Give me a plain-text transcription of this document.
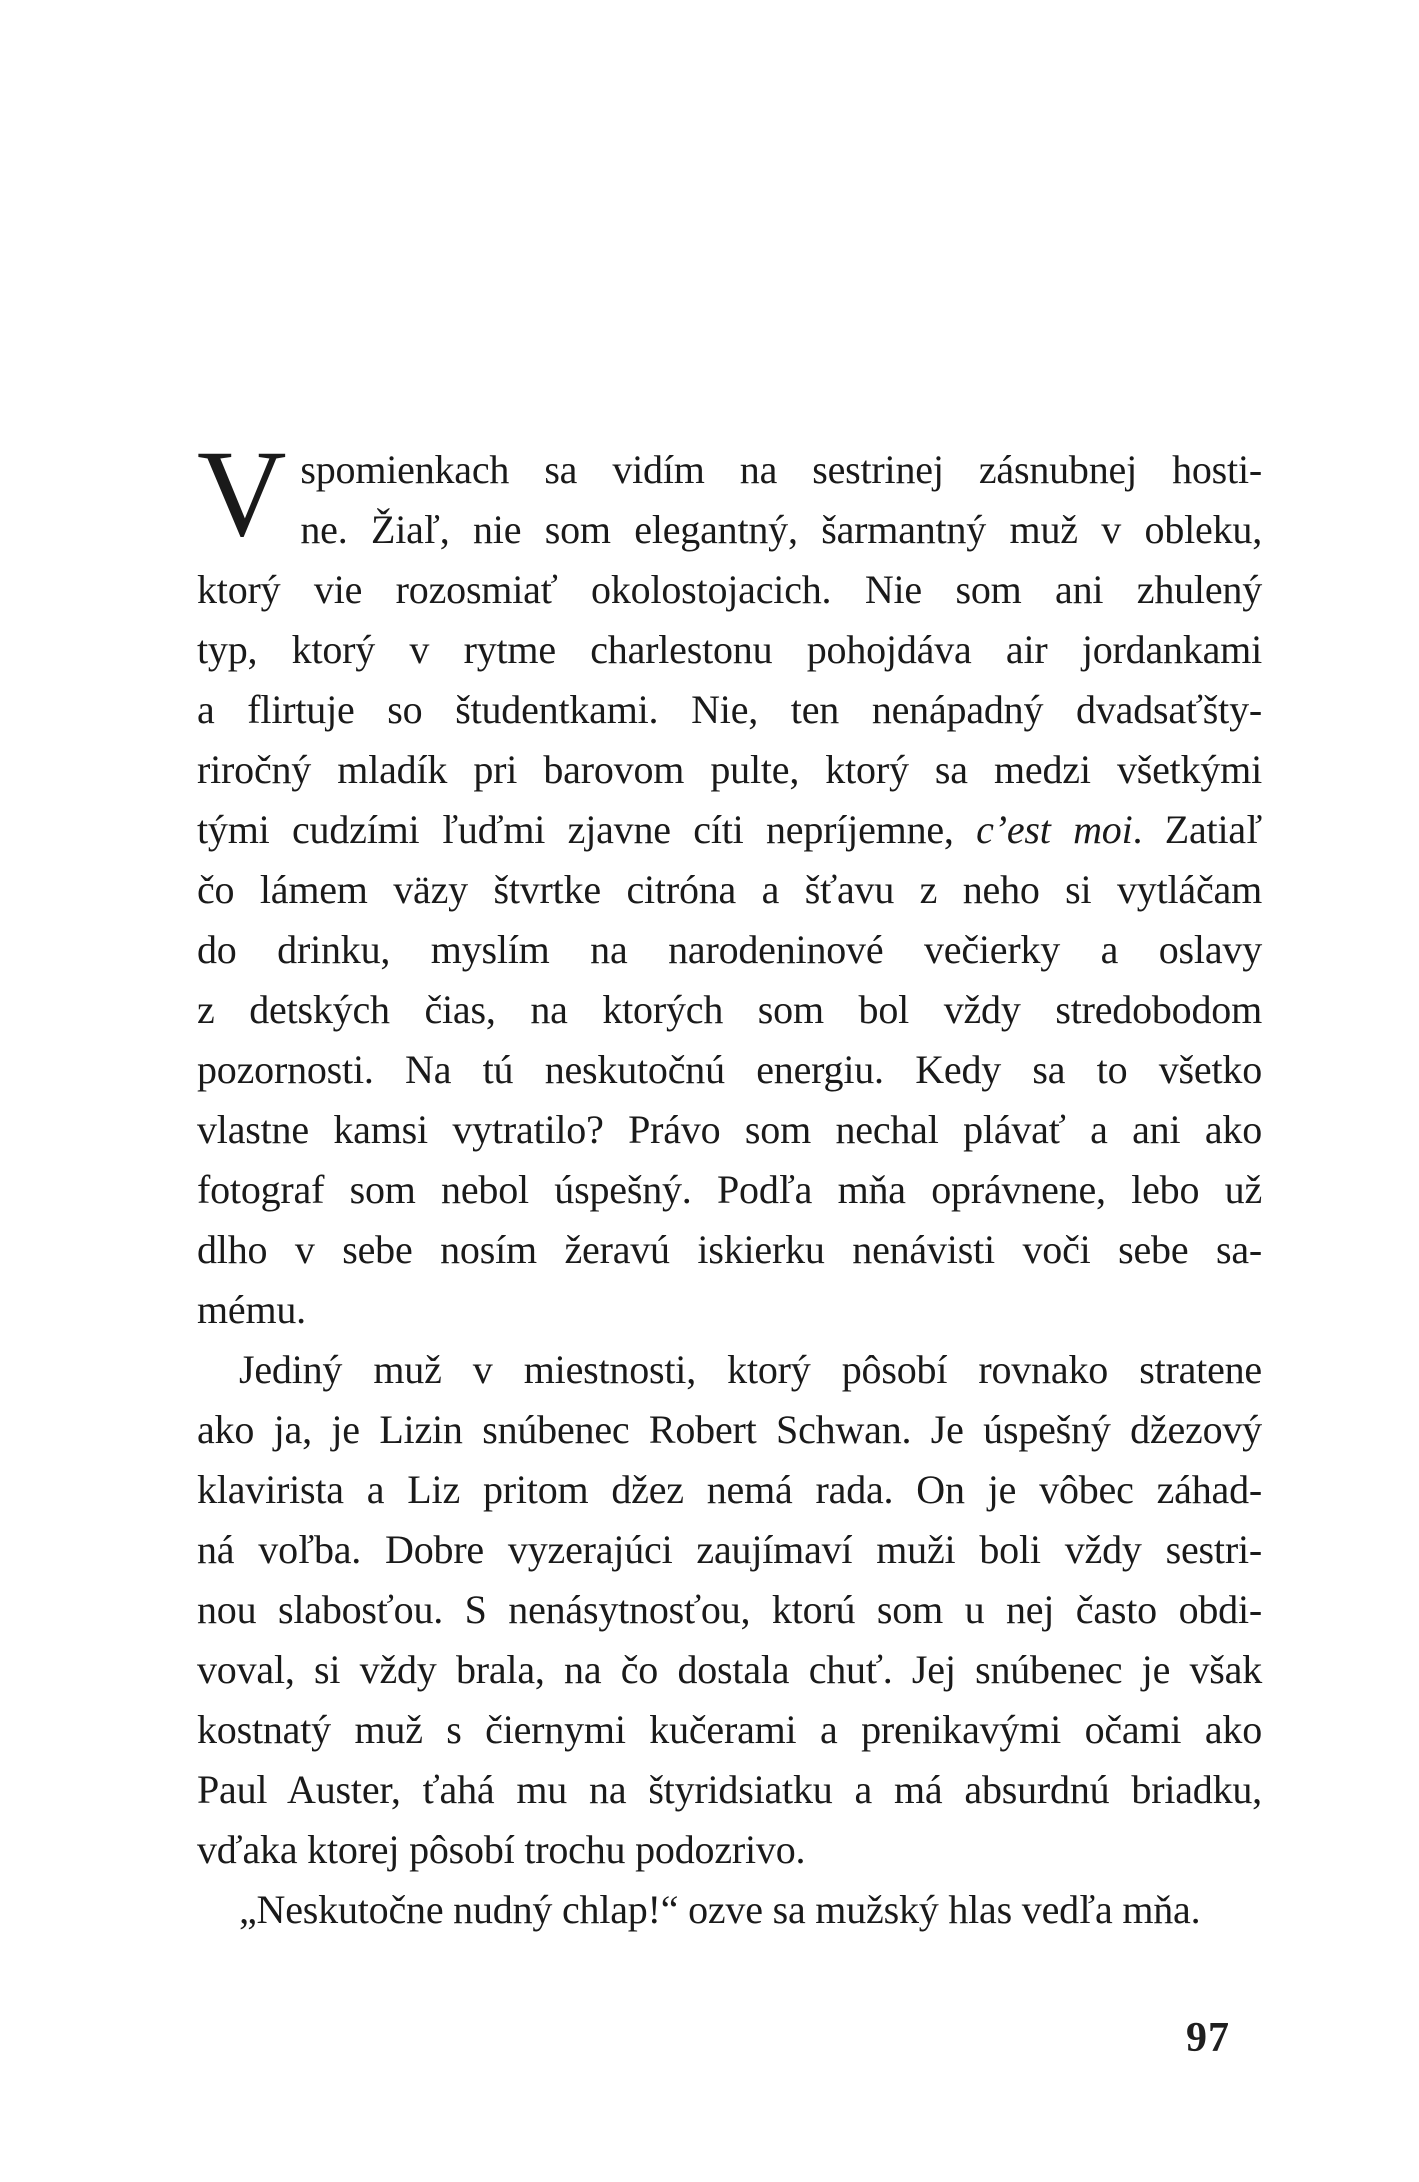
V spomienkach sa vidím na sestrinej zásnubnej hosti-
ne. Žiaľ, nie som elegantný, šarmantný muž v obleku,
ktorý vie rozosmiať okolostojacich. Nie som ani zhulený
typ, ktorý v rytme charlestonu pohojdáva air jordankami
a flirtuje so študentkami. Nie, ten nenápadný dvadsaťšty-
riročný mladík pri barovom pulte, ktorý sa medzi všetkými
tými cudzími ľuďmi zjavne cíti nepríjemne, c’est moi. Zatiaľ
čo lámem väzy štvrtke citróna a šťavu z neho si vytláčam
do drinku, myslím na narodeninové večierky a oslavy
z detských čias, na ktorých som bol vždy stredobodom
pozornosti. Na tú neskutočnú energiu. Kedy sa to všetko
vlastne kamsi vytratilo? Právo som nechal plávať a ani ako
fotograf som nebol úspešný. Podľa mňa oprávnene, lebo už
dlho v sebe nosím žeravú iskierku nenávisti voči sebe sa-
mému.
Jediný muž v miestnosti, ktorý pôsobí rovnako stratene
ako ja, je Lizin snúbenec Robert Schwan. Je úspešný džezový
klavirista a Liz pritom džez nemá rada. On je vôbec záhad-
ná voľba. Dobre vyzerajúci zaujímaví muži boli vždy sestri-
nou slabosťou. S nenásytnosťou, ktorú som u nej často obdi-
voval, si vždy brala, na čo dostala chuť. Jej snúbenec je však
kostnatý muž s čiernymi kučerami a prenikavými očami ako
Paul Auster, ťahá mu na štyridsiatku a má absurdnú briadku,
vďaka ktorej pôsobí trochu podozrivo.
„Neskutočne nudný chlap!“ ozve sa mužský hlas vedľa mňa.
97
